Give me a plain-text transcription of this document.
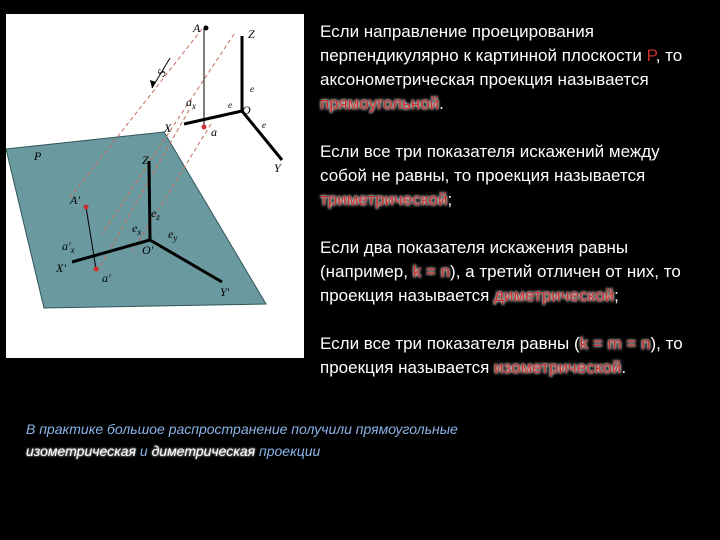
A	Z
S
e
e
e
$a_x$	O
X	a
Y
P	Z
A'
$e_z$
$e_x$ $e_y$
O'
$a'_x$
X'
a'
Y'
Если направление проецирования перпендикулярно к картинной плоскости P, то аксонометрическая проекция называется прямоугольной.
Если все три показателя искажений между собой не равны, то проекция называется триметрической;
Если два показателя искажения равны (например, k = n), а третий отличен от них, то проекция называется диметрической;
Если все три показателя равны (k = m = n), то проекция называется изометрической.
В практике большое распространение получили прямоугольные
изометрическая и диметрическая проекции
